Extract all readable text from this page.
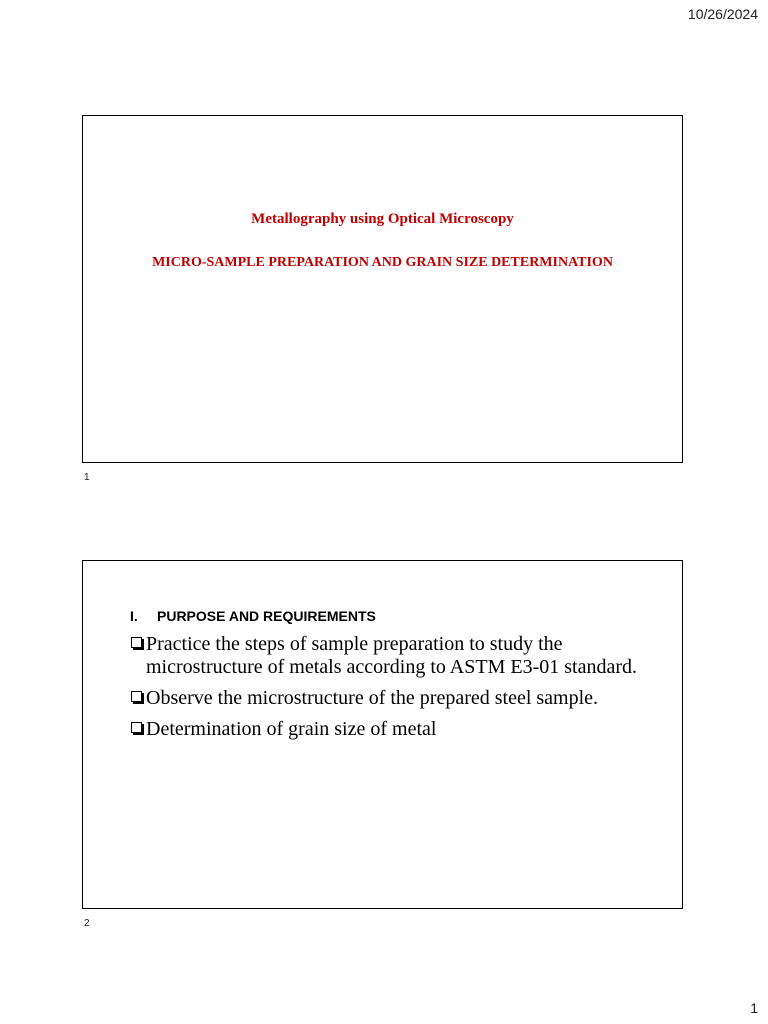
10/26/2024
Metallography using Optical Microscopy
MICRO-SAMPLE PREPARATION AND GRAIN SIZE DETERMINATION
1
I. PURPOSE AND REQUIREMENTS
Practice the steps of sample preparation to study the microstructure of metals according to ASTM E3-01 standard.
Observe the microstructure of the prepared steel sample.
Determination of grain size of metal
2
1
